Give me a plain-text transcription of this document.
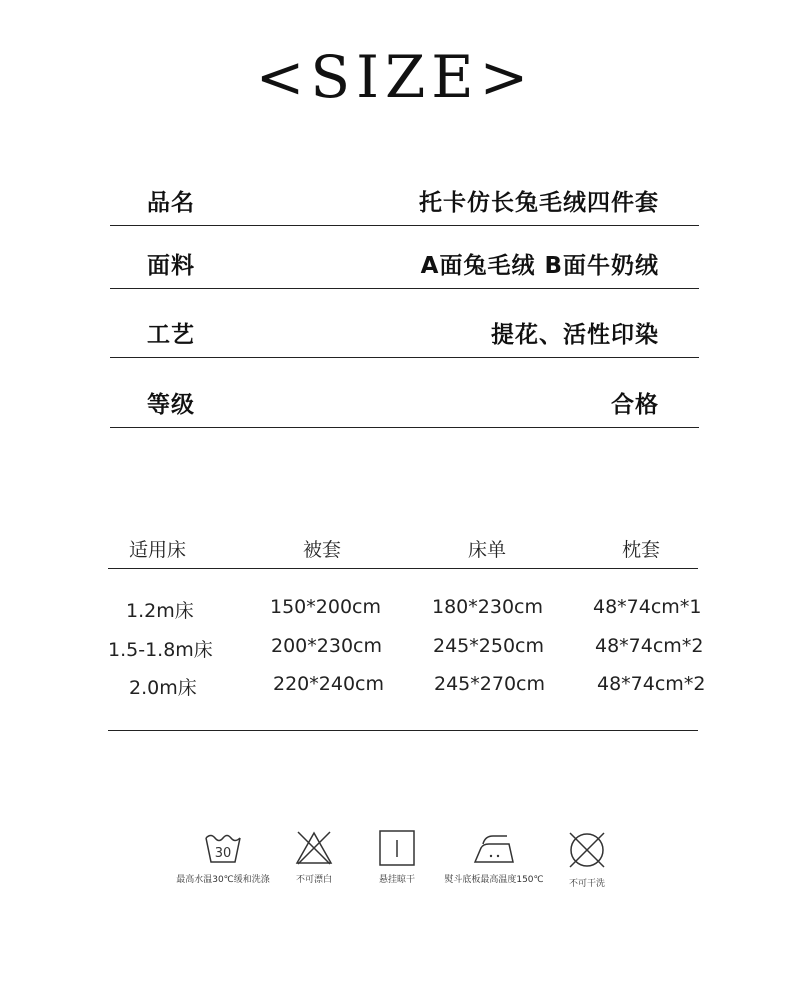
<SIZE>
品名	托卡仿长兔毛绒四件套
面料	A面兔毛绒 B面牛奶绒
工艺	提花、活性印染
等级	合格
适用床	被套	床单	枕套
1.2m床	150*200cm	180*230cm	48*74cm*1
1.5-1.8m床	200*230cm	245*250cm	48*74cm*2
2.0m床	220*240cm	245*270cm	48*74cm*2
30
最高水温30℃缓和洗涤	不可漂白	悬挂晾干	熨斗底板最高温度150℃	不可干洗
